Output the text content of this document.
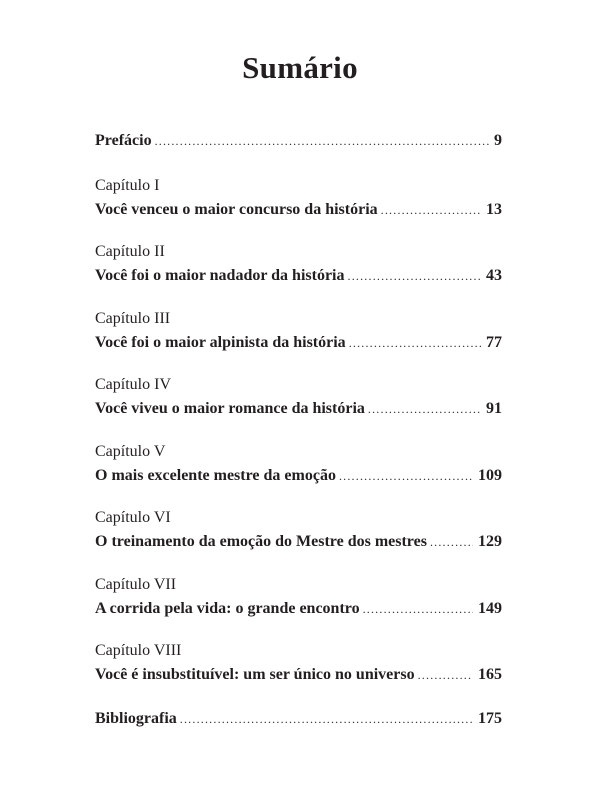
Sumário
Prefácio .....	9
Capítulo I
Você venceu o maior concurso da história .....	13
Capítulo II
Você foi o maior nadador da história .....	43
Capítulo III
Você foi o maior alpinista da história .....	77
Capítulo IV
Você viveu o maior romance da história .....	91
Capítulo V
O mais excelente mestre da emoção .....	109
Capítulo VI
O treinamento da emoção do Mestre dos mestres .....	129
Capítulo VII
A corrida pela vida: o grande encontro .....	149
Capítulo VIII
Você é insubstituível: um ser único no universo .....	165
Bibliografia .....	175
